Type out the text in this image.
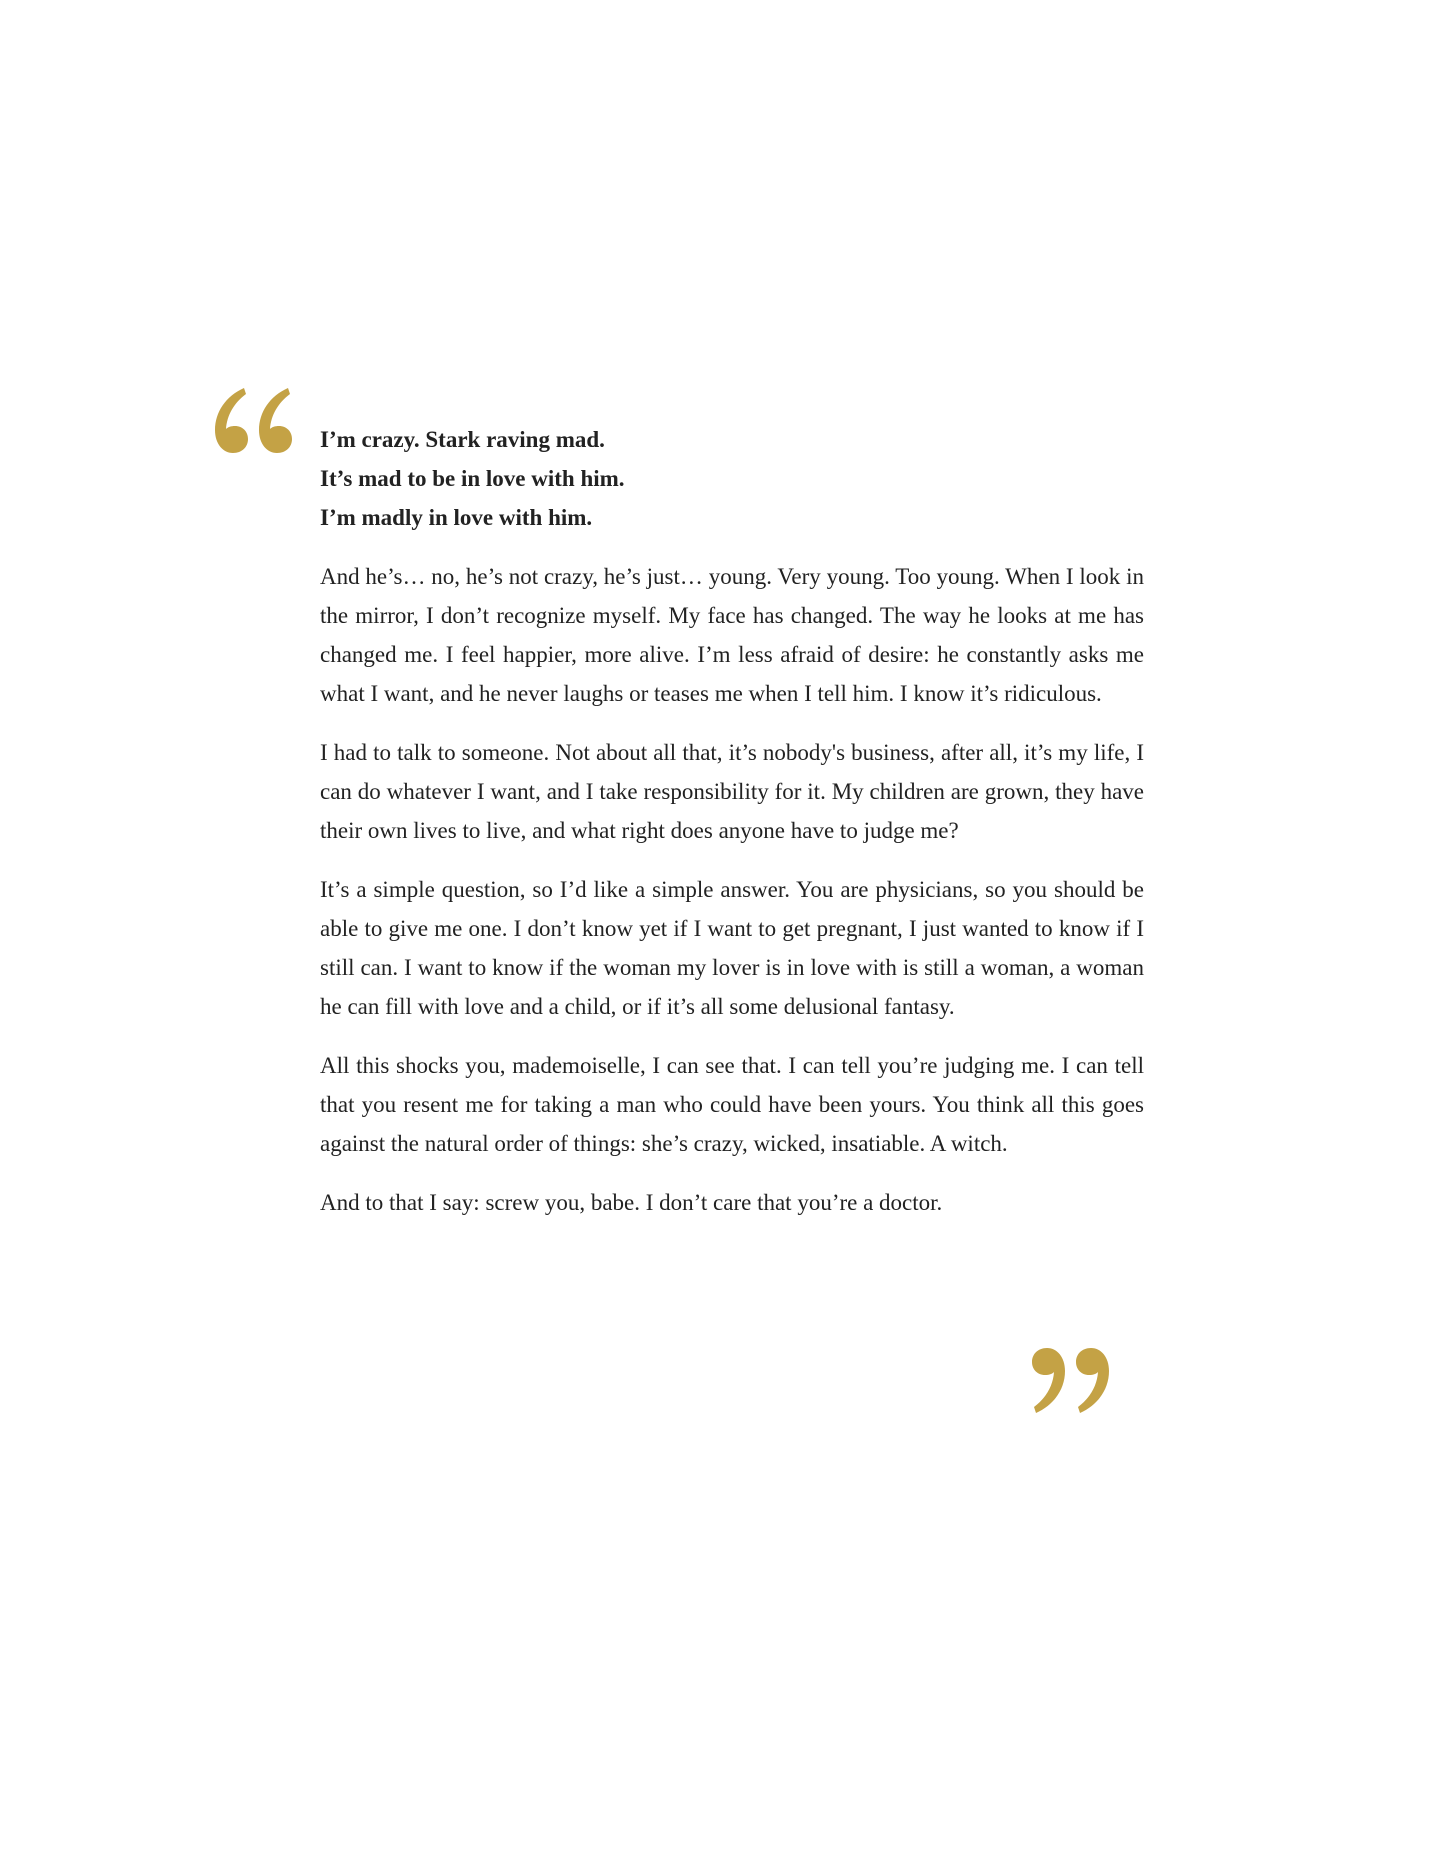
I’m crazy. Stark raving mad.
It’s mad to be in love with him.
I’m madly in love with him.

And he’s… no, he’s not crazy, he’s just… young. Very young. Too young. When I look in the mirror, I don’t recognize myself. My face has changed. The way he looks at me has changed me. I feel happier, more alive. I’m less afraid of desire: he constantly asks me what I want, and he never laughs or teases me when I tell him. I know it’s ridiculous.

I had to talk to someone. Not about all that, it’s nobody's business, after all, it’s my life, I can do whatever I want, and I take responsibility for it. My children are grown, they have their own lives to live, and what right does anyone have to judge me?

It’s a simple question, so I’d like a simple answer. You are physicians, so you should be able to give me one. I don’t know yet if I want to get pregnant, I just wanted to know if I still can. I want to know if the woman my lover is in love with is still a woman, a woman he can fill with love and a child, or if it’s all some delusional fantasy.

All this shocks you, mademoiselle, I can see that. I can tell you’re judging me. I can tell that you resent me for taking a man who could have been yours. You think all this goes against the natural order of things: she’s crazy, wicked, insatiable. A witch.

And to that I say: screw you, babe. I don’t care that you’re a doctor.
